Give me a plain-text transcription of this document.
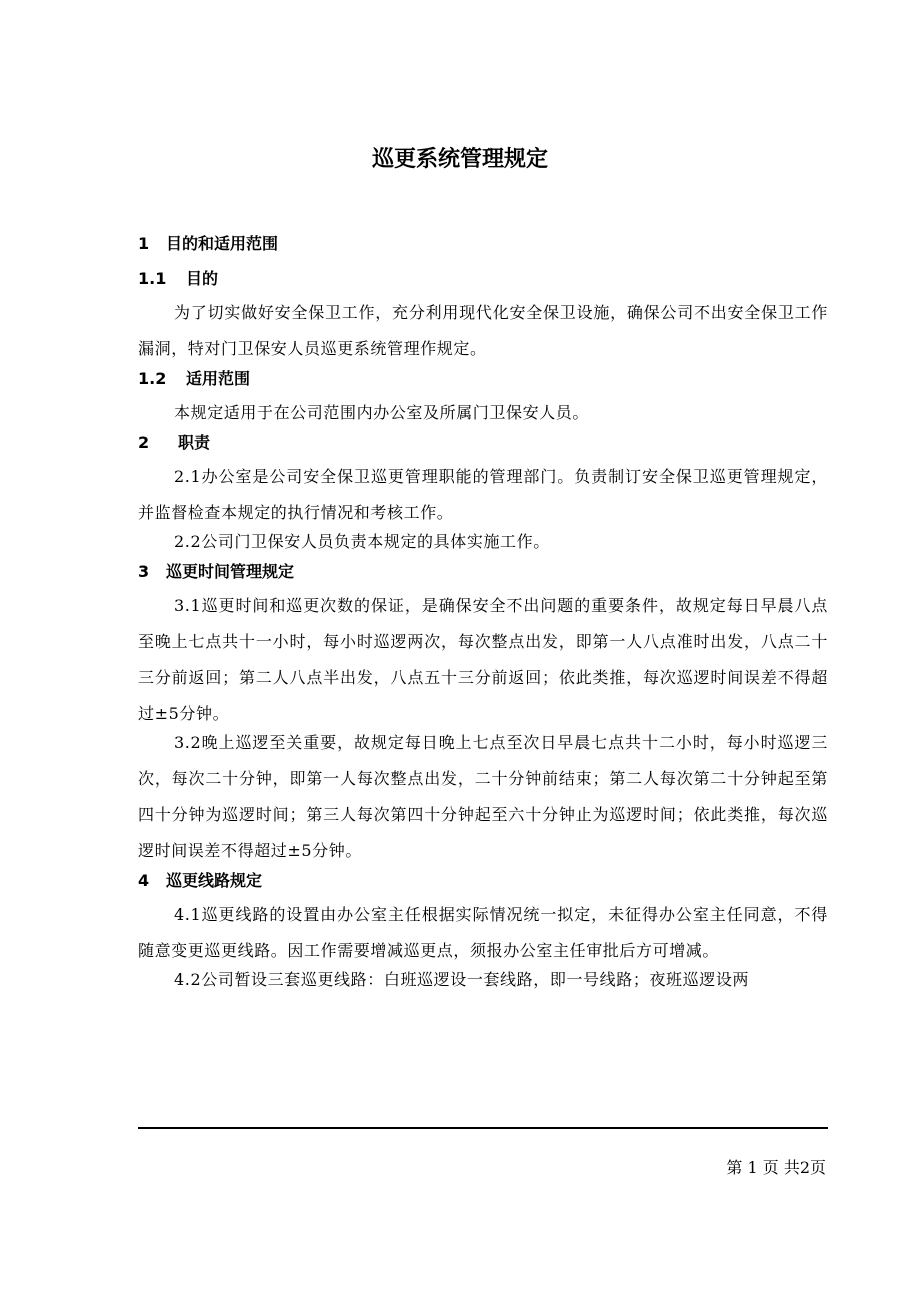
巡更系统管理规定
1 目的和适用范围
1.1 目的
为了切实做好安全保卫工作，充分利用现代化安全保卫设施，确保公司不出安全保卫工作漏洞，特对门卫保安人员巡更系统管理作规定。
1.2 适用范围
本规定适用于在公司范围内办公室及所属门卫保安人员。
2 职责
2.1办公室是公司安全保卫巡更管理职能的管理部门。负责制订安全保卫巡更管理规定，并监督检查本规定的执行情况和考核工作。
2.2公司门卫保安人员负责本规定的具体实施工作。
3 巡更时间管理规定
3.1巡更时间和巡更次数的保证，是确保安全不出问题的重要条件，故规定每日早晨八点至晚上七点共十一小时，每小时巡逻两次，每次整点出发，即第一人八点准时出发，八点二十三分前返回；第二人八点半出发，八点五十三分前返回；依此类推，每次巡逻时间误差不得超过±5分钟。
3.2晚上巡逻至关重要，故规定每日晚上七点至次日早晨七点共十二小时，每小时巡逻三次，每次二十分钟，即第一人每次整点出发，二十分钟前结束；第二人每次第二十分钟起至第四十分钟为巡逻时间；第三人每次第四十分钟起至六十分钟止为巡逻时间；依此类推，每次巡逻时间误差不得超过±5分钟。
4 巡更线路规定
4.1巡更线路的设置由办公室主任根据实际情况统一拟定，未征得办公室主任同意，不得随意变更巡更线路。因工作需要增减巡更点，须报办公室主任审批后方可增减。
4.2公司暂设三套巡更线路：白班巡逻设一套线路，即一号线路；夜班巡逻设两
第 1 页 共2页
